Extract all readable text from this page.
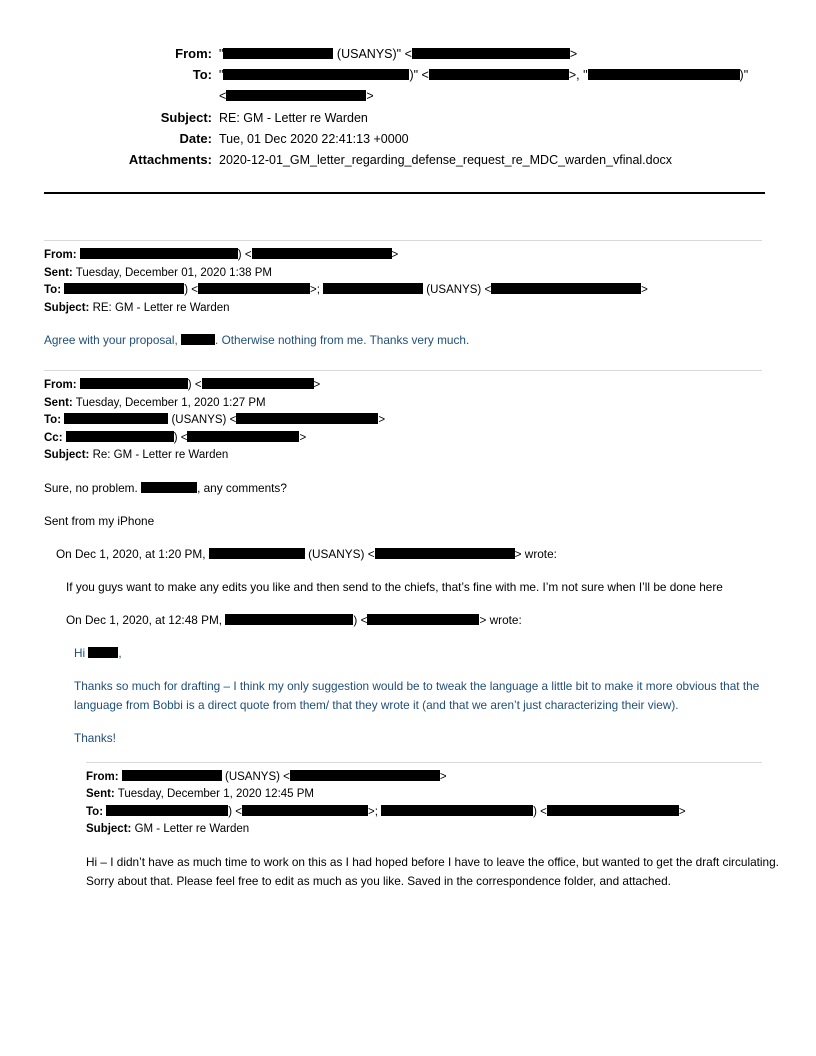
From: "	(USANYS)" <	>
To: "	)" <	>, "	)"
<	>
Subject: RE: GM - Letter re Warden
Date: Tue, 01 Dec 2020 22:41:13 +0000
Attachments: 2020-12-01_GM_letter_regarding_defense_request_re_MDC_warden_vfinal.docx
From:	) <	>
Sent: Tuesday, December 01, 2020 1:38 PM
To:	) <	>;	(USANYS) <	>
Subject: RE: GM - Letter re Warden
Agree with your proposal,	. Otherwise nothing from me. Thanks very much.
From:	) <	>
Sent: Tuesday, December 1, 2020 1:27 PM
To:	(USANYS) <	>
Cc:	) <	>
Subject: Re: GM - Letter re Warden
Sure, no problem.	, any comments?
Sent from my iPhone
On Dec 1, 2020, at 1:20 PM,	(USANYS) <	> wrote:
If you guys want to make any edits you like and then send to the chiefs, that’s fine with me. I’m not sure when I’ll be done here
On Dec 1, 2020, at 12:48 PM,	) <	> wrote:
Hi	,
Thanks so much for drafting – I think my only suggestion would be to tweak the language a little bit to make it more obvious that the language from Bobbi is a direct quote from them/ that they wrote it (and that we aren’t just characterizing their view).
Thanks!
From:	(USANYS) <	>
Sent: Tuesday, December 1, 2020 12:45 PM
To:	) <	>;	) <	>
Subject: GM - Letter re Warden
Hi – I didn’t have as much time to work on this as I had hoped before I have to leave the office, but wanted to get the draft circulating. Sorry about that. Please feel free to edit as much as you like. Saved in the correspondence folder, and attached.
